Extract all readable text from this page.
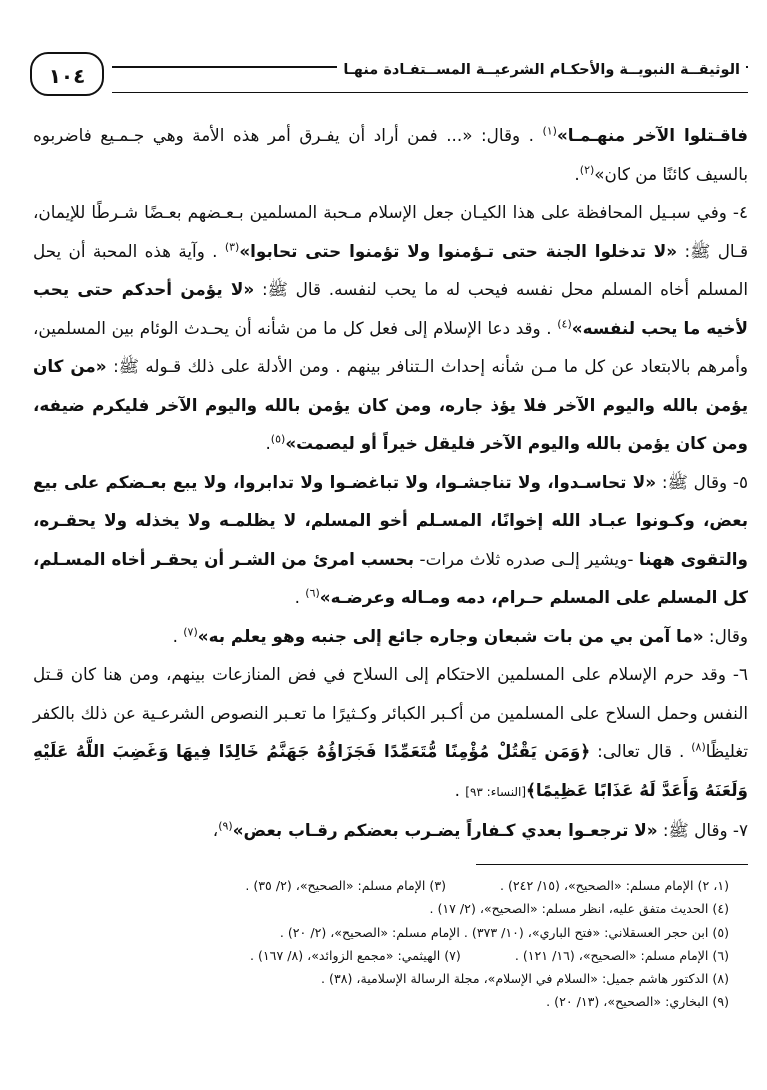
الوثيقــة النبويــة والأحكـام الشرعيــة المســتفـادة منهـا
١٠٤

فاقـتلوا الآخر منهـمـا»$^{(١)}$ . وقال: «... فمن أراد أن يفـرق أمر هذه الأمة وهي جـمـيع فاضربوه بالسيف كائنًا من كان»$^{(٢)}$.

٤- وفي سبـيل المحافظة على هذا الكيـان جعل الإسلام مـحبة المسلمين بـعـضهم بعـضًا شـرطًا للإيمان، قـال ﷺ: «لا تدخلوا الجنة حتى تـؤمنوا ولا تؤمنوا حتى تحابوا»$^{(٣)}$ . وآية هذه المحبة أن يحل المسلم أخاه المسلم محل نفسه فيحب له ما يحب لنفسه. قال ﷺ: «لا يؤمن أحدكم حتى يحب لأخيه ما يحب لنفسه»$^{(٤)}$ . وقد دعا الإسلام إلى فعل كل ما من شأنه أن يحـدث الوئام بين المسلمين، وأمرهم بالابتعاد عن كل ما مـن شأنه إحداث الـتنافر بينهم . ومن الأدلة على ذلك قـوله ﷺ: «من كان يؤمن بالله واليوم الآخر فلا يؤذ جاره، ومن كان يؤمن بالله واليوم الآخر فليكرم ضيفه، ومن كان يؤمن بالله واليوم الآخر فليقل خيراً أو ليصمت»$^{(٥)}$.

٥- وقال ﷺ: «لا تحاسـدوا، ولا تناجشـوا، ولا تباغضـوا ولا تدابروا، ولا يبع بعـضكم على بيع بعض، وكـونوا عبـاد الله إخوانًا، المسـلم أخو المسلم، لا يظلمـه ولا يخذله ولا يحقـره، والتقوى ههنا -ويشير إلـى صدره ثلاث مرات- بحسب امرئ من الشـر أن يحقـر أخاه المسـلم، كل المسلم على المسلم حـرام، دمه ومـاله وعرضـه»$^{(٦)}$ .

وقال: «ما آمن بي من بات شبعان وجاره جائع إلى جنبه وهو يعلم به»$^{(٧)}$ .

٦- وقد حرم الإسلام على المسلمين الاحتكام إلى السلاح في فض المنازعات بينهم، ومن هنا كان قـتل النفس وحمل السلاح على المسلمين من أكـبر الكبائر وكـثيرًا ما تعـبر النصوص الشرعـية عن ذلك بالكفر تغليظًا$^{(٨)}$ . قال تعالى: ﴿وَمَن يَقْتُلْ مُؤْمِنًا مُّتَعَمِّدًا فَجَزَاؤُهُ جَهَنَّمُ خَالِدًا فِيهَا وَغَضِبَ اللَّهُ عَلَيْهِ وَلَعَنَهُ وَأَعَدَّ لَهُ عَذَابًا عَظِيمًا﴾[النساء: ٩٣] .

٧- وقال ﷺ: «لا ترجعـوا بعدي كـفاراً يضـرب بعضكم رقـاب بعض»$^{(٩)}$،

(١، ٢) الإمام مسلم: «الصحيح»، (١٥/ ٢٤٢) .(٣) الإمام مسلم: «الصحيح»، (٢/ ٣٥) .

(٤) الحديث متفق عليه، انظر مسلم: «الصحيح»، (٢/ ١٧) .

(٥) ابن حجر العسقلاني: «فتح الباري»، (١٠/ ٣٧٣) . الإمام مسلم: «الصحيح»، (٢/ ٢٠) .

(٦) الإمام مسلم: «الصحيح»، (١٦/ ١٢١) .(٧) الهيثمي: «مجمع الزوائد»، (٨/ ١٦٧) .

(٨) الدكتور هاشم جميل: «السلام في الإسلام»، مجلة الرسالة الإسلامية، (٣٨) .

(٩) البخاري: «الصحيح»، (١٣/ ٢٠) .
